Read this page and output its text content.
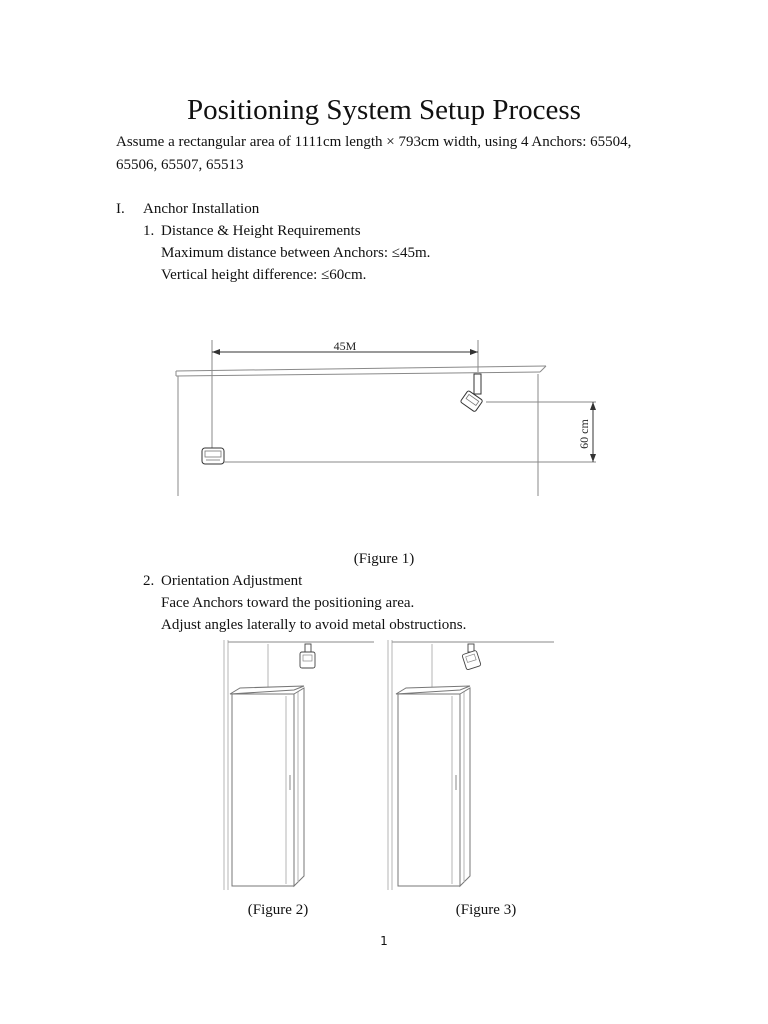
Positioning System Setup Process
Assume a rectangular area of 1111cm length × 793cm width, using 4 Anchors: 65504, 65506, 65507, 65513
I. Anchor Installation
1. Distance & Height Requirements
Maximum distance between Anchors: ≤45m.
Vertical height difference: ≤60cm.
45M
60 cm
(Figure 1)
2. Orientation Adjustment
Face Anchors toward the positioning area.
Adjust angles laterally to avoid metal obstructions.
(Figure 2)	(Figure 3)
1
